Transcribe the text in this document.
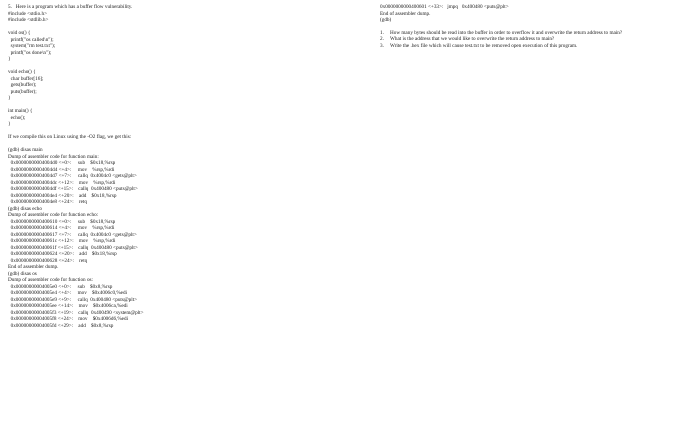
5.   Here is a program which has a buffer flow vulnerability.
#include <stdio.h>
#include <stdlib.h>
void os() {
printf("os called\n");
system("rm test.txt");
printf("os done\n");
}
void echo() {
char buffer[16];
gets(buffer);
puts(buffer);
}
int main() {
echo();
}
If we compile this on Linux using the -O2 flag, we get this:
(gdb) disas main
Dump of assembler code for function main:
0x00000000004004d0 <+0>:     sub    $0x18,%rsp
0x00000000004004d4 <+4>:     mov    %rsp,%rdi
0x00000000004004d7 <+7>:     callq  0x4004c0 <gets@plt>
0x00000000004004dc <+12>:    mov    %rsp,%rdi
0x00000000004004df <+15>:    callq  0x400480 <puts@plt>
0x00000000004004e4 <+20>:    add    $0x18,%rsp
0x00000000004004e8 <+24>:    retq
(gdb) disas echo
Dump of assembler code for function echo:
0x0000000000400610 <+0>:     sub    $0x18,%rsp
0x0000000000400614 <+4>:     mov    %rsp,%rdi
0x0000000000400617 <+7>:     callq  0x4004c0 <gets@plt>
0x000000000040061c <+12>:    mov    %rsp,%rdi
0x000000000040061f <+15>:    callq  0x400480 <puts@plt>
0x0000000000400624 <+20>:    add    $0x18,%rsp
0x0000000000400628 <+24>:    retq
End of assembler dump.
(gdb) disas os
Dump of assembler code for function os:
0x00000000004005e0 <+0>:     sub    $0x8,%rsp
0x00000000004005e4 <+4>:     mov    $0x4006c0,%edi
0x00000000004005e9 <+9>:     callq  0x400480 <puts@plt>
0x00000000004005ee <+14>:    mov    $0x4006ca,%edi
0x00000000004005f3 <+19>:    callq  0x400490 <system@plt>
0x00000000004005f8 <+24>:    mov    $0x4006d6,%edi
0x00000000004005fd <+29>:    add    $0x8,%rsp
0x0000000000400601 <+33>:   jmpq   0x400480 <puts@plt>
End of assembler dump.
(gdb)
1.	How many bytes should be read into the buffer in order to overflow it and overwrite the return address to main?
2.	What is the address that we would like to overwrite the return address to main?
3.	Write the .hex file which will cause test.txt to be removed open execution of this program.
